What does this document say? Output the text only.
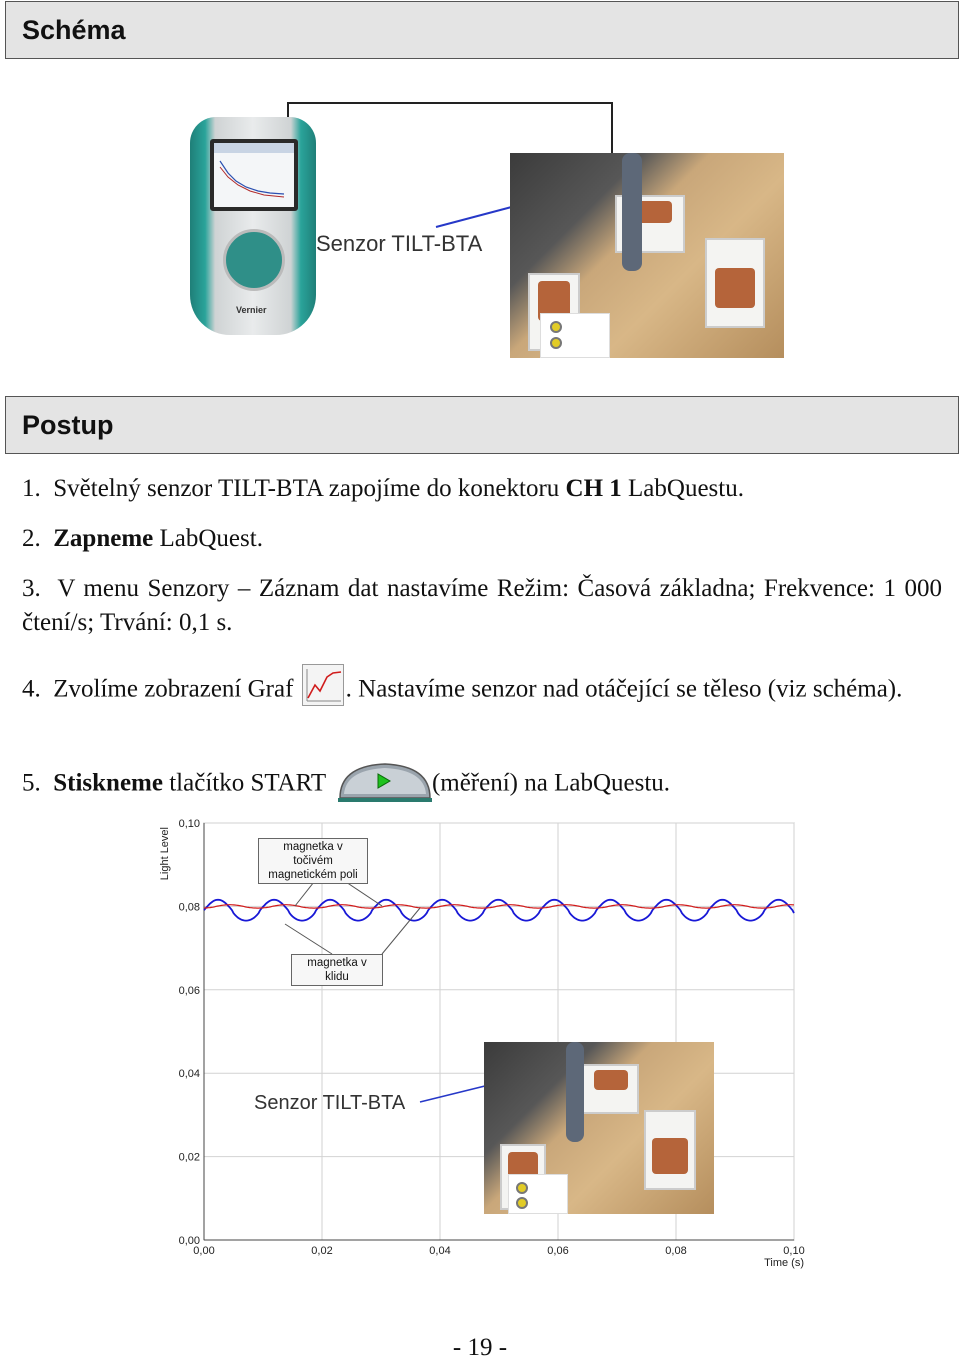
Schéma
Vernier
Senzor TILT-BTA
Postup
1. Světelný senzor TILT-BTA zapojíme do konektoru CH 1 LabQuestu.
2. Zapneme LabQuest.
3. V menu Senzory – Záznam dat nastavíme Režim: Časová základna; Frekvence: 1 000 čtení/s; Trvání: 0,1 s.
4. Zvolíme zobrazení Graf . Nastavíme senzor nad otáčející se těleso (viz schéma).
5. Stiskneme tlačítko START	(měření) na LabQuestu.
0,00	0,02	0,04	0,06	0,08	0,10
0,00
0,02
0,04
0,06
0,08
0,10
Light Level
Time (s)
magnetka v točivém
magnetickém poli
magnetka v klidu
Senzor TILT-BTA
- 19 -
